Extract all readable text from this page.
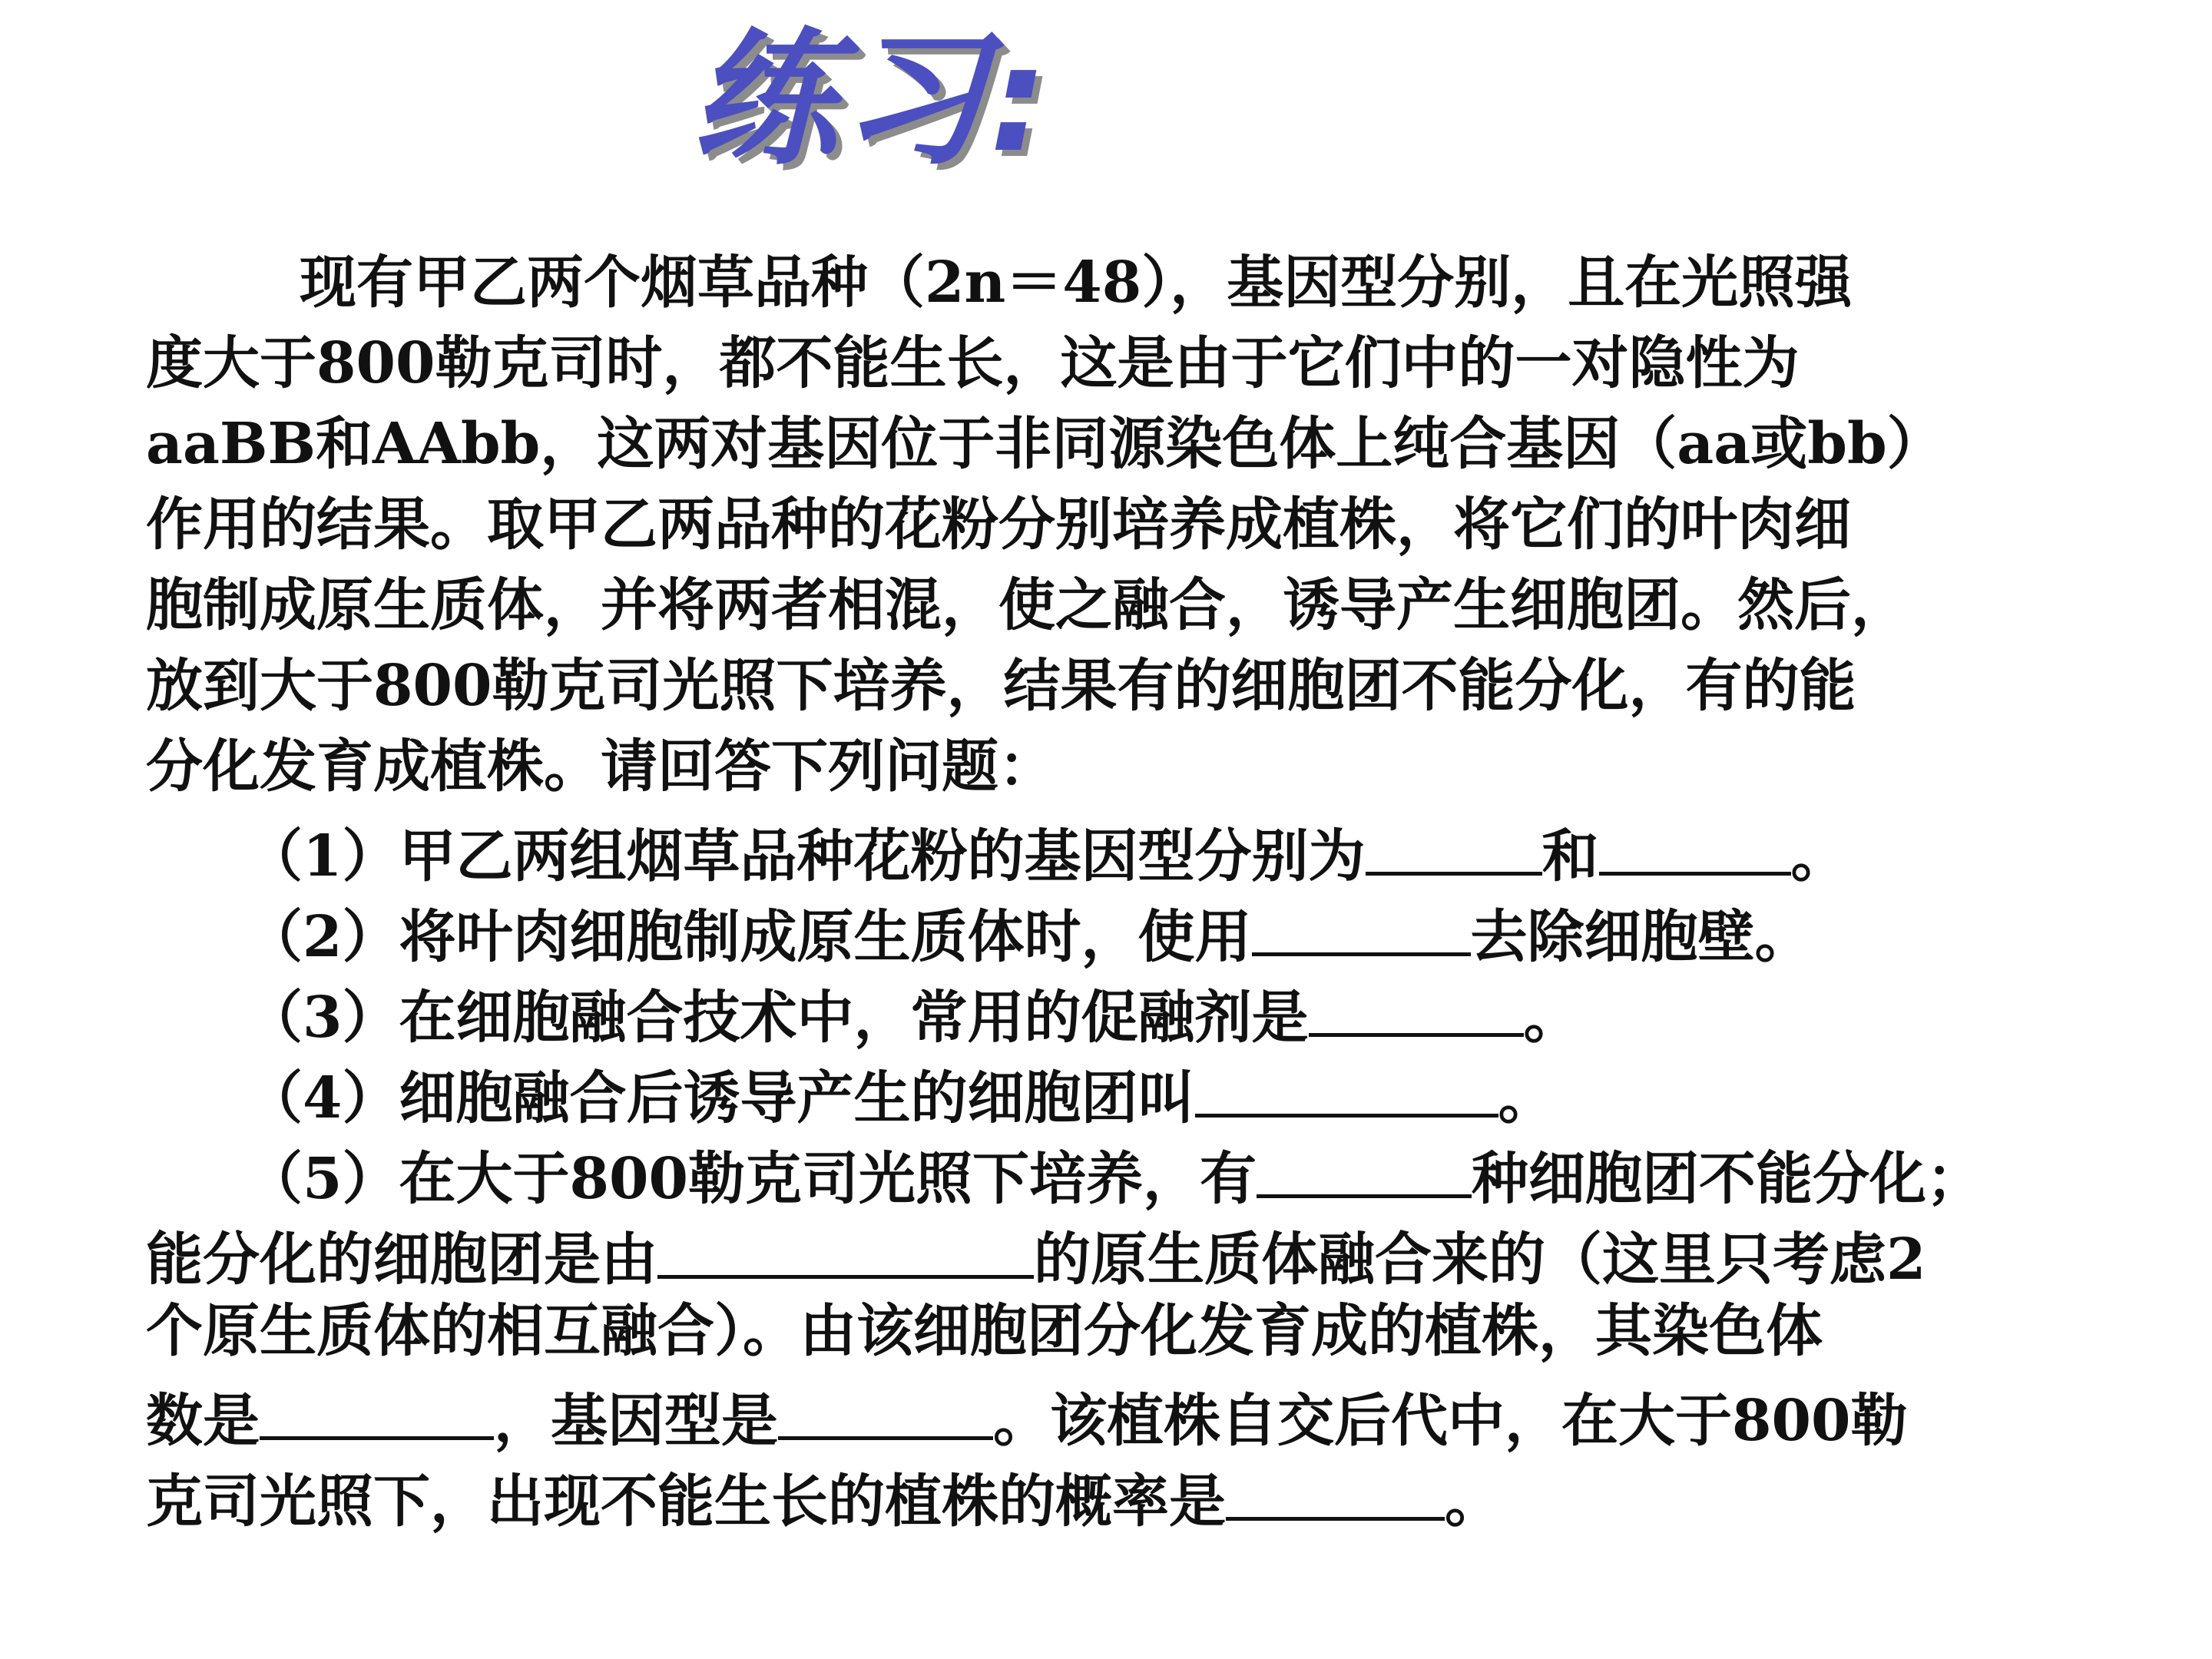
练习:
现有甲乙两个烟草品种（2n＝48），基因型分别，且在光照强
度大于800勒克司时，都不能生长，这是由于它们中的一对隐性为
aaBB和AAbb，这两对基因位于非同源染色体上纯合基因（aa或bb）
作用的结果。取甲乙两品种的花粉分别培养成植株，将它们的叶肉细
胞制成原生质体，并将两者相混，使之融合，诱导产生细胞团。然后，
放到大于800勒克司光照下培养，结果有的细胞团不能分化，有的能
分化发育成植株。请回答下列问题：
（1）甲乙两组烟草品种花粉的基因型分别为	和	。
（2）将叶肉细胞制成原生质体时，使用	去除细胞壁。
（3）在细胞融合技术中，常用的促融剂是	。
（4）细胞融合后诱导产生的细胞团叫	。
（5）在大于800勒克司光照下培养，有	种细胞团不能分化；
能分化的细胞团是由	的原生质体融合来的（这里只考虑2
个原生质体的相互融合）。由该细胞团分化发育成的植株，其染色体
数是	，基因型是	。该植株自交后代中，在大于800勒
克司光照下，出现不能生长的植株的概率是	。
